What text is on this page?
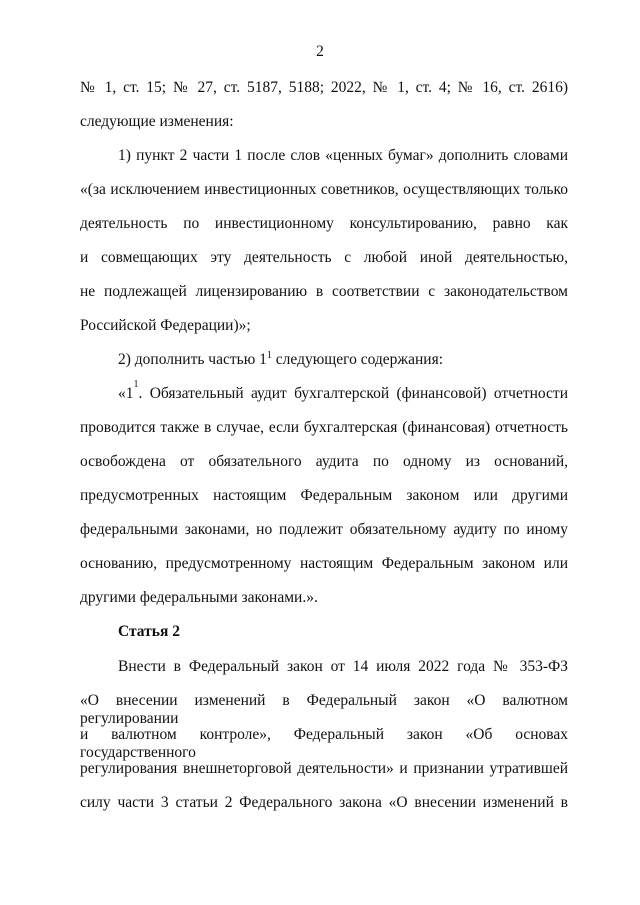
2
№ 1, ст. 15; № 27, ст. 5187, 5188; 2022, № 1, ст. 4; № 16, ст. 2616)
следующие изменения:
1) пункт 2 части 1 после слов «ценных бумаг» дополнить словами
«(за исключением инвестиционных советников, осуществляющих только
деятельность по инвестиционному консультированию, равно как
и совмещающих эту деятельность с любой иной деятельностью,
не подлежащей лицензированию в соответствии с законодательством
Российской Федерации)»;
2) дополнить частью $1^1$ следующего содержания:
«1
1
. Обязательный аудит бухгалтерской (финансовой) отчетности
проводится также в случае, если бухгалтерская (финансовая) отчетность
освобождена от обязательного аудита по одному из оснований,
предусмотренных настоящим Федеральным законом или другими
федеральными законами, но подлежит обязательному аудиту по иному
основанию, предусмотренному настоящим Федеральным законом или
другими федеральными законами.».
Статья 2
Внести в Федеральный закон от 14 июля 2022 года № 353-ФЗ
«О внесении изменений в Федеральный закон «О валютном регулировании
и валютном контроле», Федеральный закон «Об основах государственного
регулирования внешнеторговой деятельности» и признании утратившей
силу части 3 статьи 2 Федерального закона «О внесении изменений в
